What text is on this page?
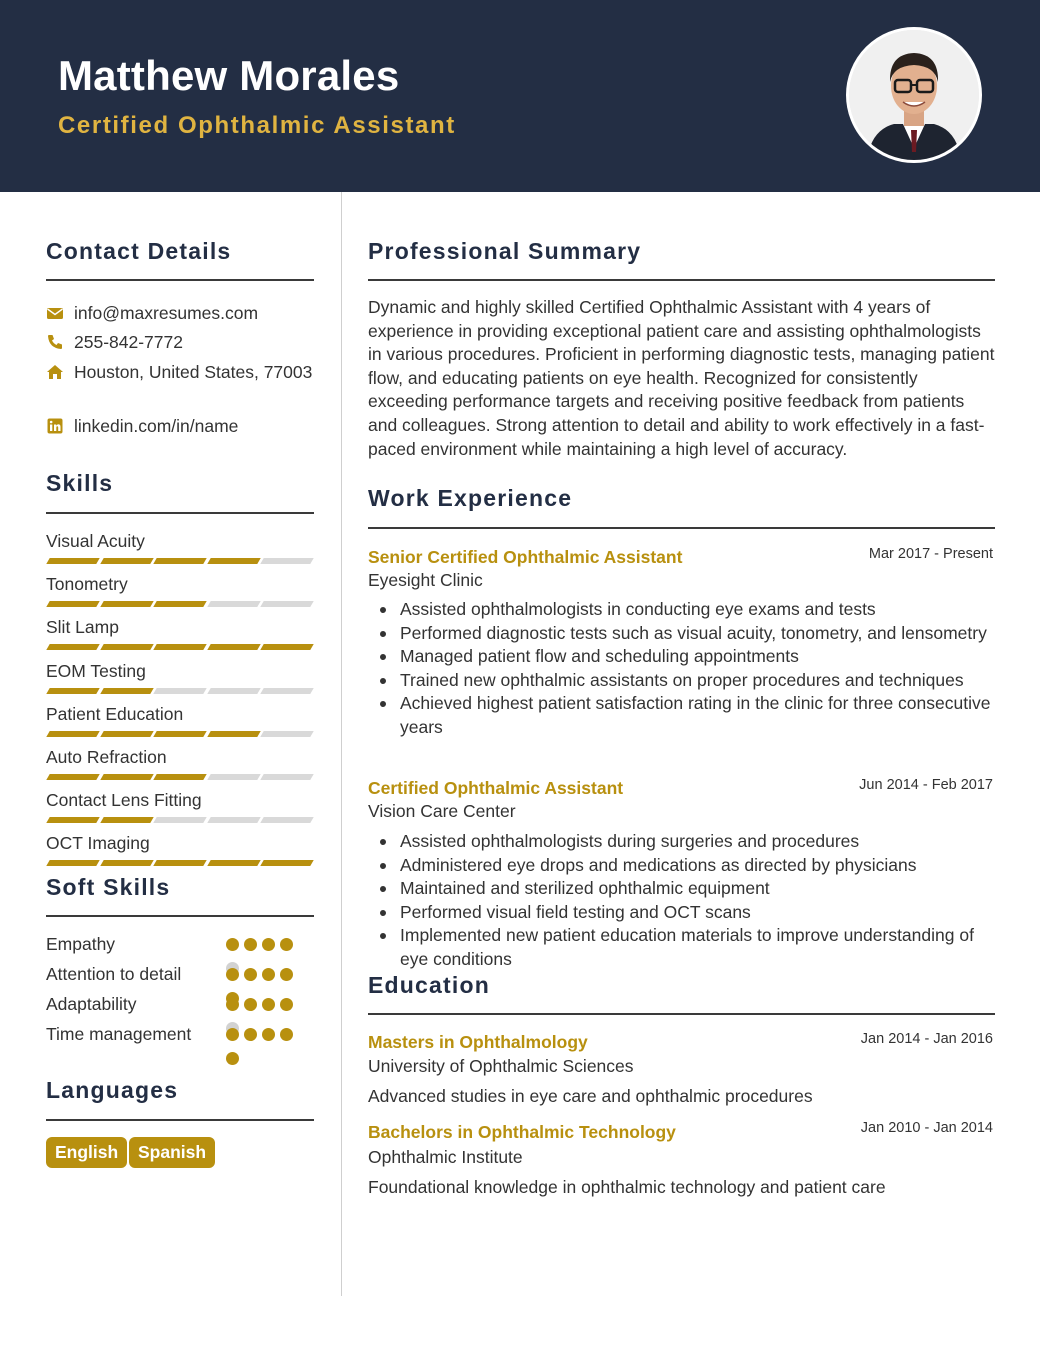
Matthew Morales
Certified Ophthalmic Assistant
Contact Details
info@maxresumes.com
255-842-7772
Houston, United States, 77003
linkedin.com/in/name
Skills
Visual Acuity
Tonometry
Slit Lamp
EOM Testing
Patient Education
Auto Refraction
Contact Lens Fitting
OCT Imaging
Soft Skills
Empathy
Attention to detail
Adaptability
Time management
Languages
English	Spanish
Professional Summary
Dynamic and highly skilled Certified Ophthalmic Assistant with 4 years of experience in providing exceptional patient care and assisting ophthalmologists in various procedures. Proficient in performing diagnostic tests, managing patient flow, and educating patients on eye health. Recognized for consistently exceeding performance targets and receiving positive feedback from patients and colleagues. Strong attention to detail and ability to work effectively in a fast-paced environment while maintaining a high level of accuracy.
Work Experience
Senior Certified Ophthalmic Assistant	Mar 2017 - Present
Eyesight Clinic
Assisted ophthalmologists in conducting eye exams and tests
Performed diagnostic tests such as visual acuity, tonometry, and lensometry
Managed patient flow and scheduling appointments
Trained new ophthalmic assistants on proper procedures and techniques
Achieved highest patient satisfaction rating in the clinic for three consecutive years
Certified Ophthalmic Assistant	Jun 2014 - Feb 2017
Vision Care Center
Assisted ophthalmologists during surgeries and procedures
Administered eye drops and medications as directed by physicians
Maintained and sterilized ophthalmic equipment
Performed visual field testing and OCT scans
Implemented new patient education materials to improve understanding of eye conditions
Education
Masters in Ophthalmology	Jan 2014 - Jan 2016
University of Ophthalmic Sciences
Advanced studies in eye care and ophthalmic procedures
Bachelors in Ophthalmic Technology	Jan 2010 - Jan 2014
Ophthalmic Institute
Foundational knowledge in ophthalmic technology and patient care
